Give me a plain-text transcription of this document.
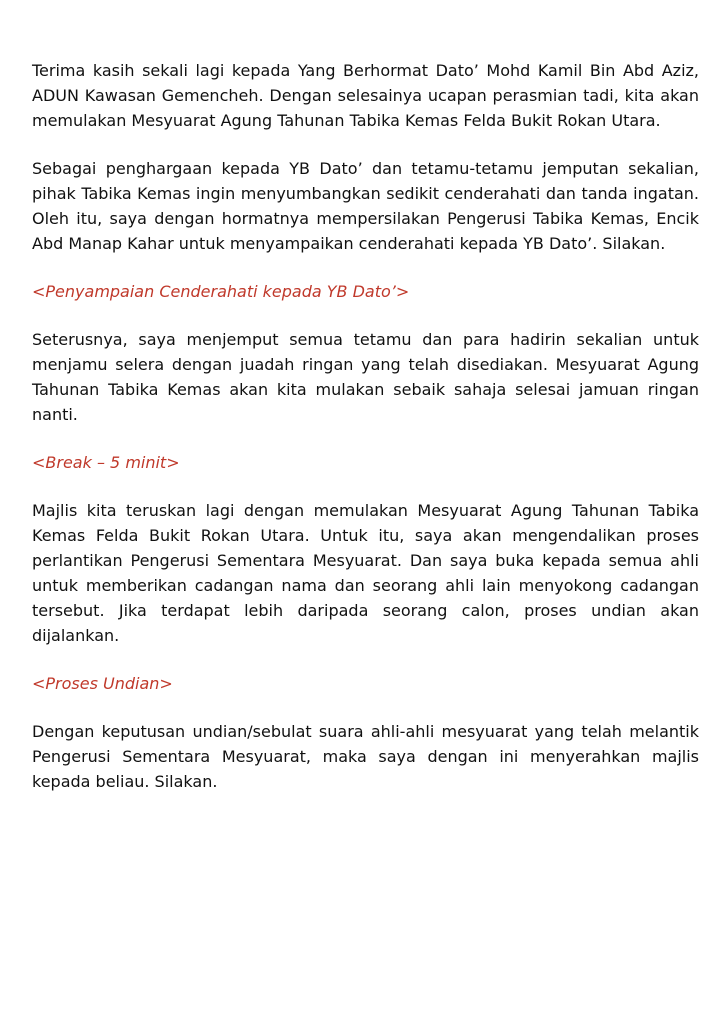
Terima kasih sekali lagi kepada Yang Berhormat Dato’ Mohd Kamil Bin Abd Aziz, ADUN Kawasan Gemencheh. Dengan selesainya ucapan perasmian tadi, kita akan memulakan Mesyuarat Agung Tahunan Tabika Kemas Felda Bukit Rokan Utara.

Sebagai penghargaan kepada YB Dato’ dan tetamu-tetamu jemputan sekalian, pihak Tabika Kemas ingin menyumbangkan sedikit cenderahati dan tanda ingatan. Oleh itu, saya dengan hormatnya mempersilakan Pengerusi Tabika Kemas, Encik Abd Manap Kahar untuk menyampaikan cenderahati kepada YB Dato’. Silakan.

<Penyampaian Cenderahati kepada YB Dato’>

Seterusnya, saya menjemput semua tetamu dan para hadirin sekalian untuk menjamu selera dengan juadah ringan yang telah disediakan. Mesyuarat Agung Tahunan Tabika Kemas akan kita mulakan sebaik sahaja selesai jamuan ringan nanti.

<Break – 5 minit>

Majlis kita teruskan lagi dengan memulakan Mesyuarat Agung Tahunan Tabika Kemas Felda Bukit Rokan Utara. Untuk itu, saya akan mengendalikan proses perlantikan Pengerusi Sementara Mesyuarat. Dan saya buka kepada semua ahli untuk memberikan cadangan nama dan seorang ahli lain menyokong cadangan tersebut. Jika terdapat lebih daripada seorang calon, proses undian akan dijalankan.

<Proses Undian>

Dengan keputusan undian/sebulat suara ahli-ahli mesyuarat yang telah melantik Pengerusi Sementara Mesyuarat, maka saya dengan ini menyerahkan majlis kepada beliau. Silakan.
